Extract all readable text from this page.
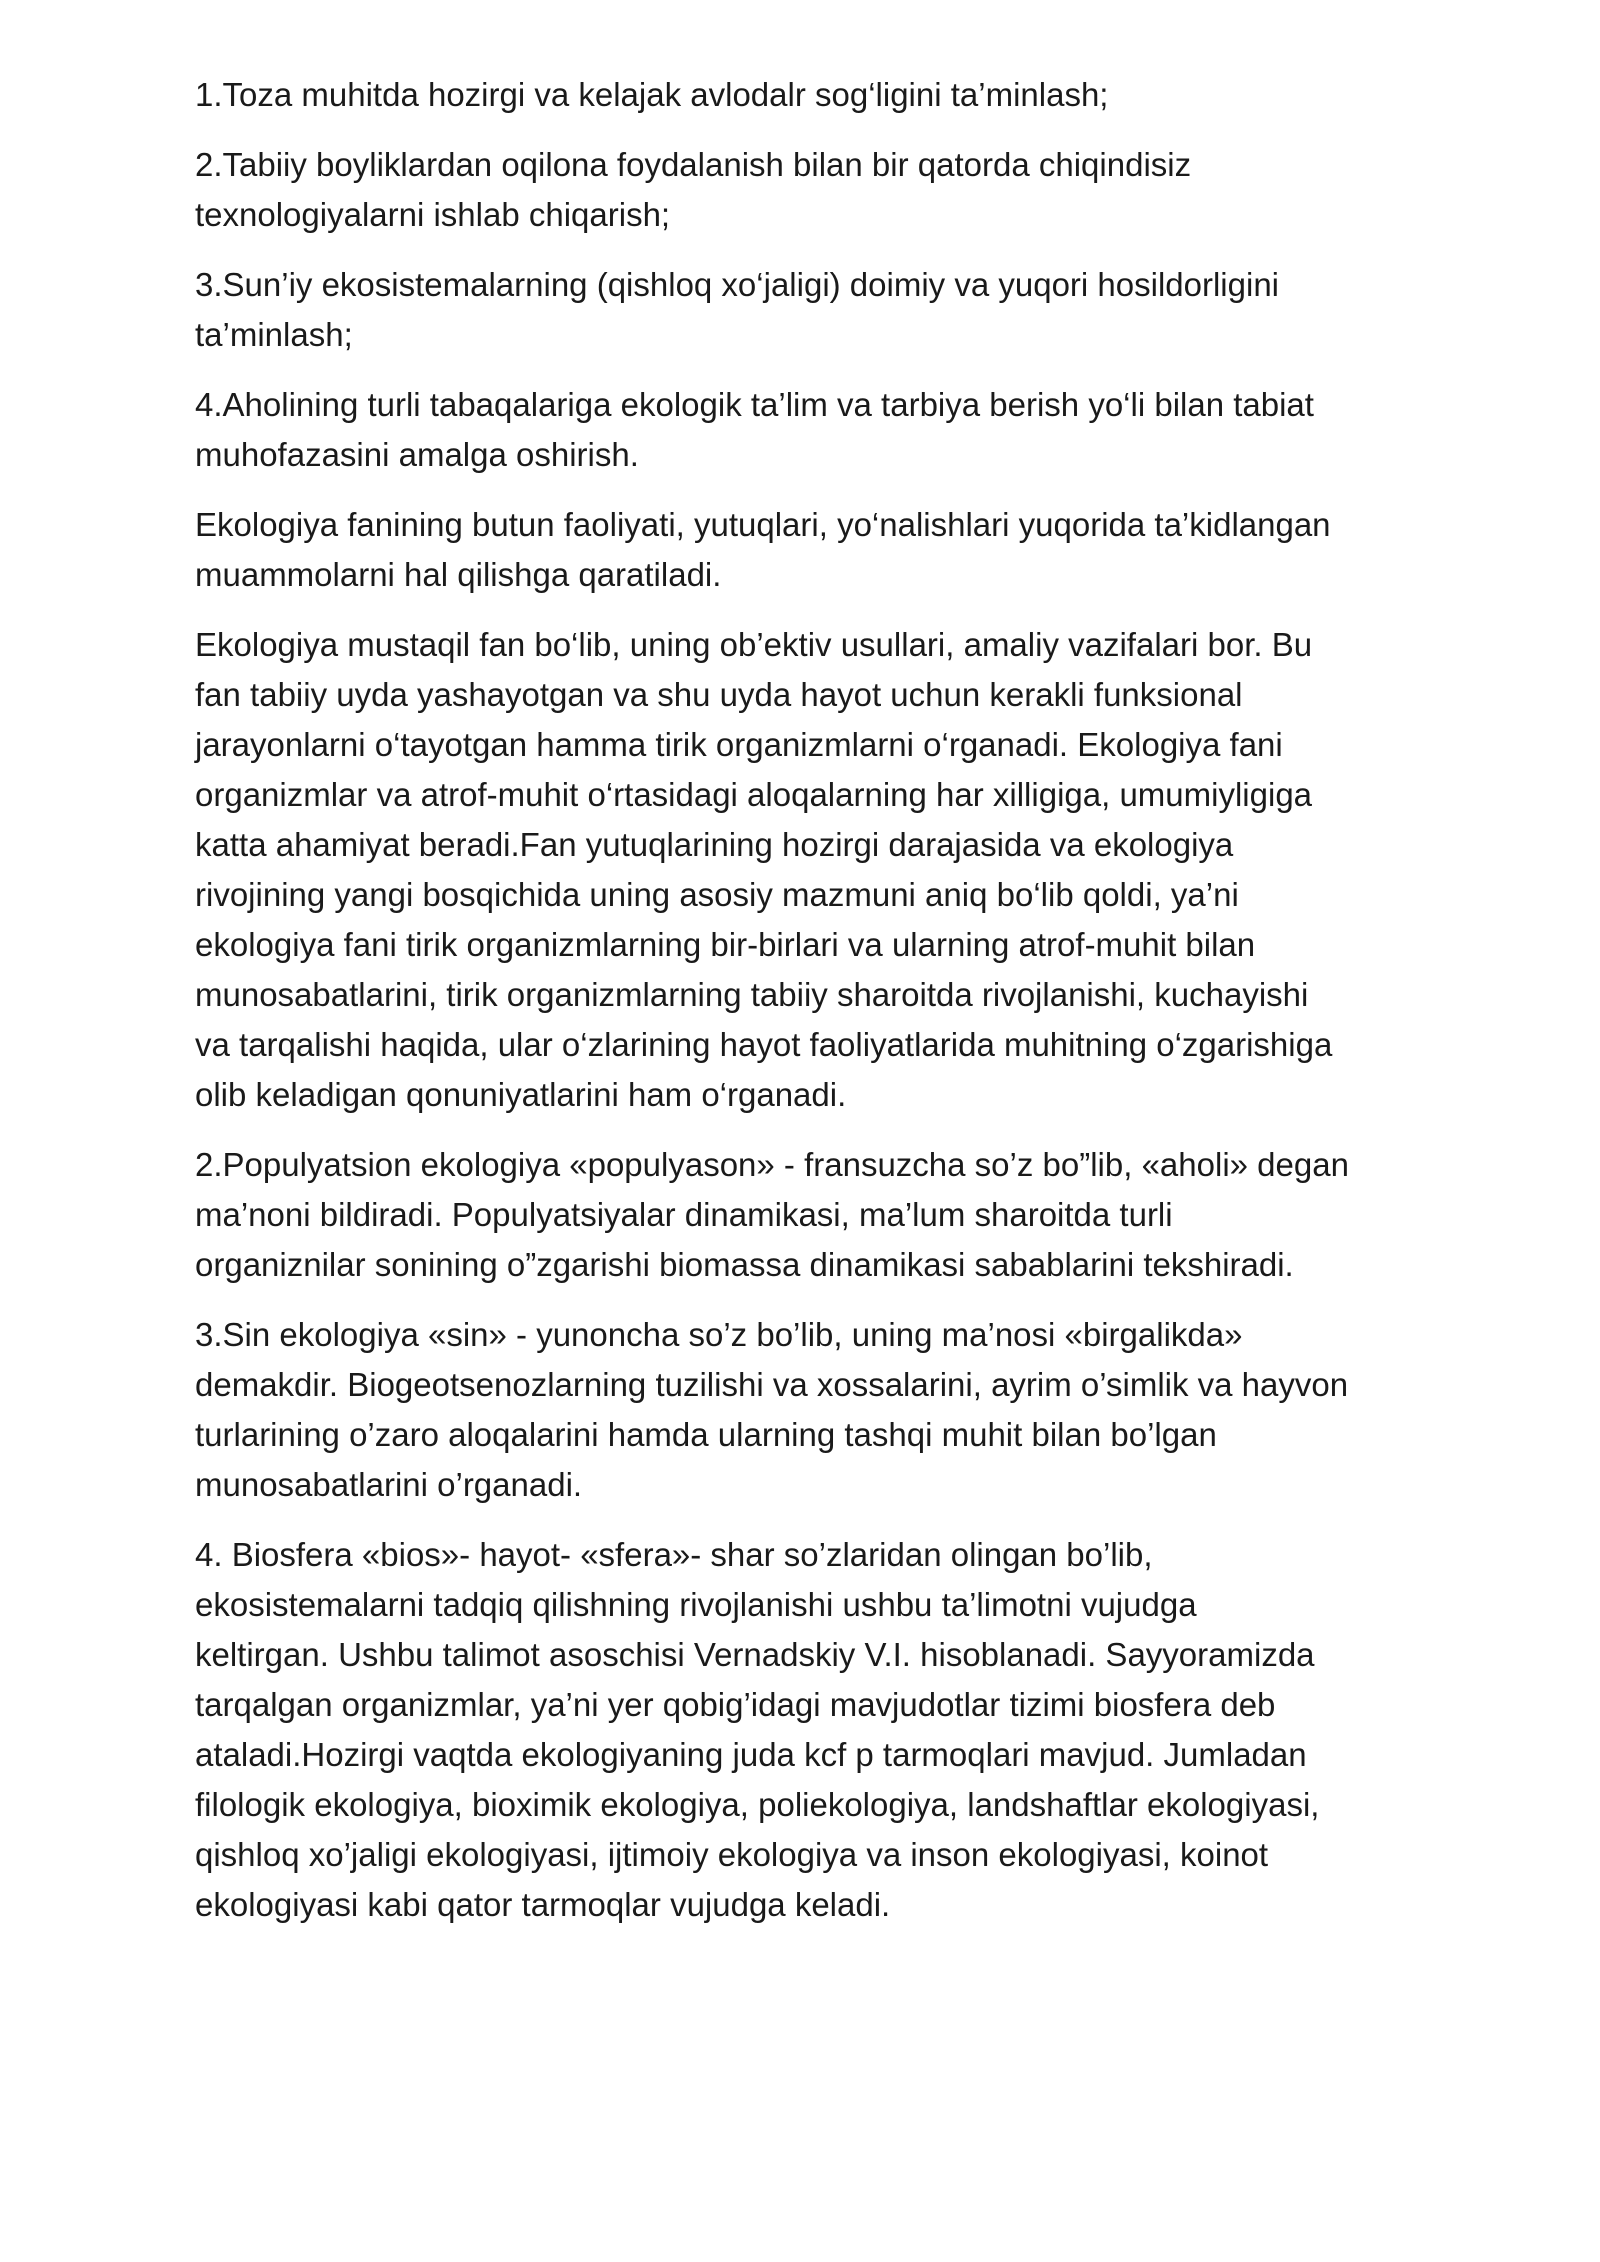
1.Toza muhitda hozirgi va kelajak avlodalr sog‘ligini ta’minlash;

2.Tabiiy boyliklardan oqilona foydalanish bilan bir qatorda chiqindisiz
texnologiyalarni ishlab chiqarish;

3.Sun’iy ekosistemalarning (qishloq xo‘jaligi) doimiy va yuqori hosildorligini
ta’minlash;

4.Aholining turli tabaqalariga ekologik ta’lim va tarbiya berish yo‘li bilan tabiat
muhofazasini amalga oshirish.

Ekologiya fanining butun faoliyati, yutuqlari, yo‘nalishlari yuqorida ta’kidlangan
muammolarni hal qilishga qaratiladi.

Ekologiya mustaqil fan bo‘lib, uning ob’ektiv usullari, amaliy vazifalari bor. Bu
fan tabiiy uyda yashayotgan va shu uyda hayot uchun kerakli funksional
jarayonlarni o‘tayotgan hamma tirik organizmlarni o‘rganadi. Ekologiya fani
organizmlar va atrof-muhit o‘rtasidagi aloqalarning har xilligiga, umumiyligiga
katta ahamiyat beradi.Fan yutuqlarining hozirgi darajasida va ekologiya
rivojining yangi bosqichida uning asosiy mazmuni aniq bo‘lib qoldi, ya’ni
ekologiya fani tirik organizmlarning bir-birlari va ularning atrof-muhit bilan
munosabatlarini, tirik organizmlarning tabiiy sharoitda rivojlanishi, kuchayishi
va tarqalishi haqida, ular o‘zlarining hayot faoliyatlarida muhitning o‘zgarishiga
olib keladigan qonuniyatlarini ham o‘rganadi.

2.Populyatsion ekologiya «populyason» - fransuzcha so’z bo”lib, «aholi» degan
ma’noni bildiradi. Populyatsiyalar dinamikasi, ma’lum sharoitda turli
organiznilar sonining o”zgarishi biomassa dinamikasi sabablarini tekshiradi.

3.Sin ekologiya «sin» - yunoncha so’z bo’lib, uning ma’nosi «birgalikda»
demakdir. Biogeotsenozlarning tuzilishi va xossalarini, ayrim o’simlik va hayvon
turlarining o’zaro aloqalarini hamda ularning tashqi muhit bilan bo’lgan
munosabatlarini o’rganadi.

4. Biosfera «bios»- hayot- «sfera»- shar so’zlaridan olingan bo’lib,
ekosistemalarni tadqiq qilishning rivojlanishi ushbu ta’limotni vujudga
keltirgan. Ushbu talimot asoschisi Vernadskiy V.I. hisoblanadi. Sayyoramizda
tarqalgan organizmlar, ya’ni yer qobig’idagi mavjudotlar tizimi biosfera deb
ataladi.Hozirgi vaqtda ekologiyaning juda kcf p tarmoqlari mavjud. Jumladan
filologik ekologiya, bioximik ekologiya, poliekologiya, landshaftlar ekologiyasi,
qishloq xo’jaligi ekologiyasi, ijtimoiy ekologiya va inson ekologiyasi, koinot
ekologiyasi kabi qator tarmoqlar vujudga keladi.
